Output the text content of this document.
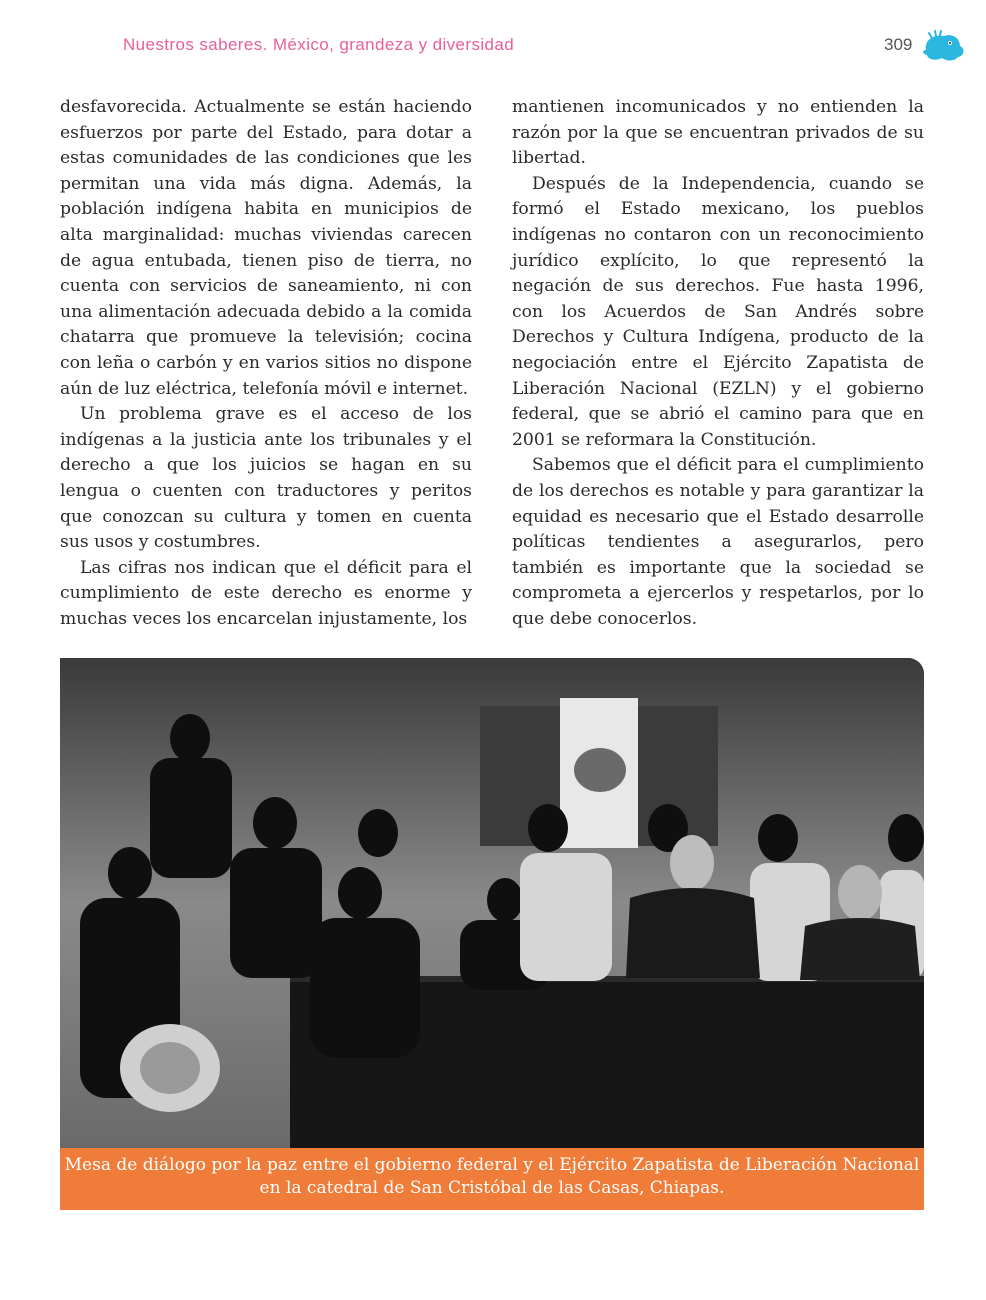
Nuestros saberes. México, grandeza y diversidad	309

desfavorecida. Actualmente se están haciendo esfuerzos por parte del Estado, para dotar a estas comunidades de las condiciones que les permitan una vida más digna. Además, la población indígena habita en municipios de alta marginalidad: muchas viviendas carecen de agua entubada, tienen piso de tierra, no cuenta con servicios de saneamiento, ni con una alimentación adecuada debido a la comida chatarra que promueve la televisión; cocina con leña o carbón y en varios sitios no dispone aún de luz eléctrica, telefonía móvil e internet.

Un problema grave es el acceso de los indígenas a la justicia ante los tribunales y el derecho a que los juicios se hagan en su lengua o cuenten con traductores y peritos que conozcan su cultura y tomen en cuenta sus usos y costumbres.

Las cifras nos indican que el déficit para el cumplimiento de este derecho es enorme y muchas veces los encarcelan injustamente, los

mantienen incomunicados y no entienden la razón por la que se encuentran privados de su libertad.

Después de la Independencia, cuando se formó el Estado mexicano, los pueblos indígenas no contaron con un reconocimiento jurídico explícito, lo que representó la negación de sus derechos. Fue hasta 1996, con los Acuerdos de San Andrés sobre Derechos y Cultura Indígena, producto de la negociación entre el Ejército Zapatista de Liberación Nacional (EZLN) y el gobierno federal, que se abrió el camino para que en 2001 se reformara la Constitución.

Sabemos que el déficit para el cumplimiento de los derechos es notable y para garantizar la equidad es necesario que el Estado desarrolle políticas tendientes a asegurarlos, pero también es importante que la sociedad se comprometa a ejercerlos y respetarlos, por lo que debe conocerlos.

Mesa de diálogo por la paz entre el gobierno federal y el Ejército Zapatista de Liberación Nacional
en la catedral de San Cristóbal de las Casas, Chiapas.
